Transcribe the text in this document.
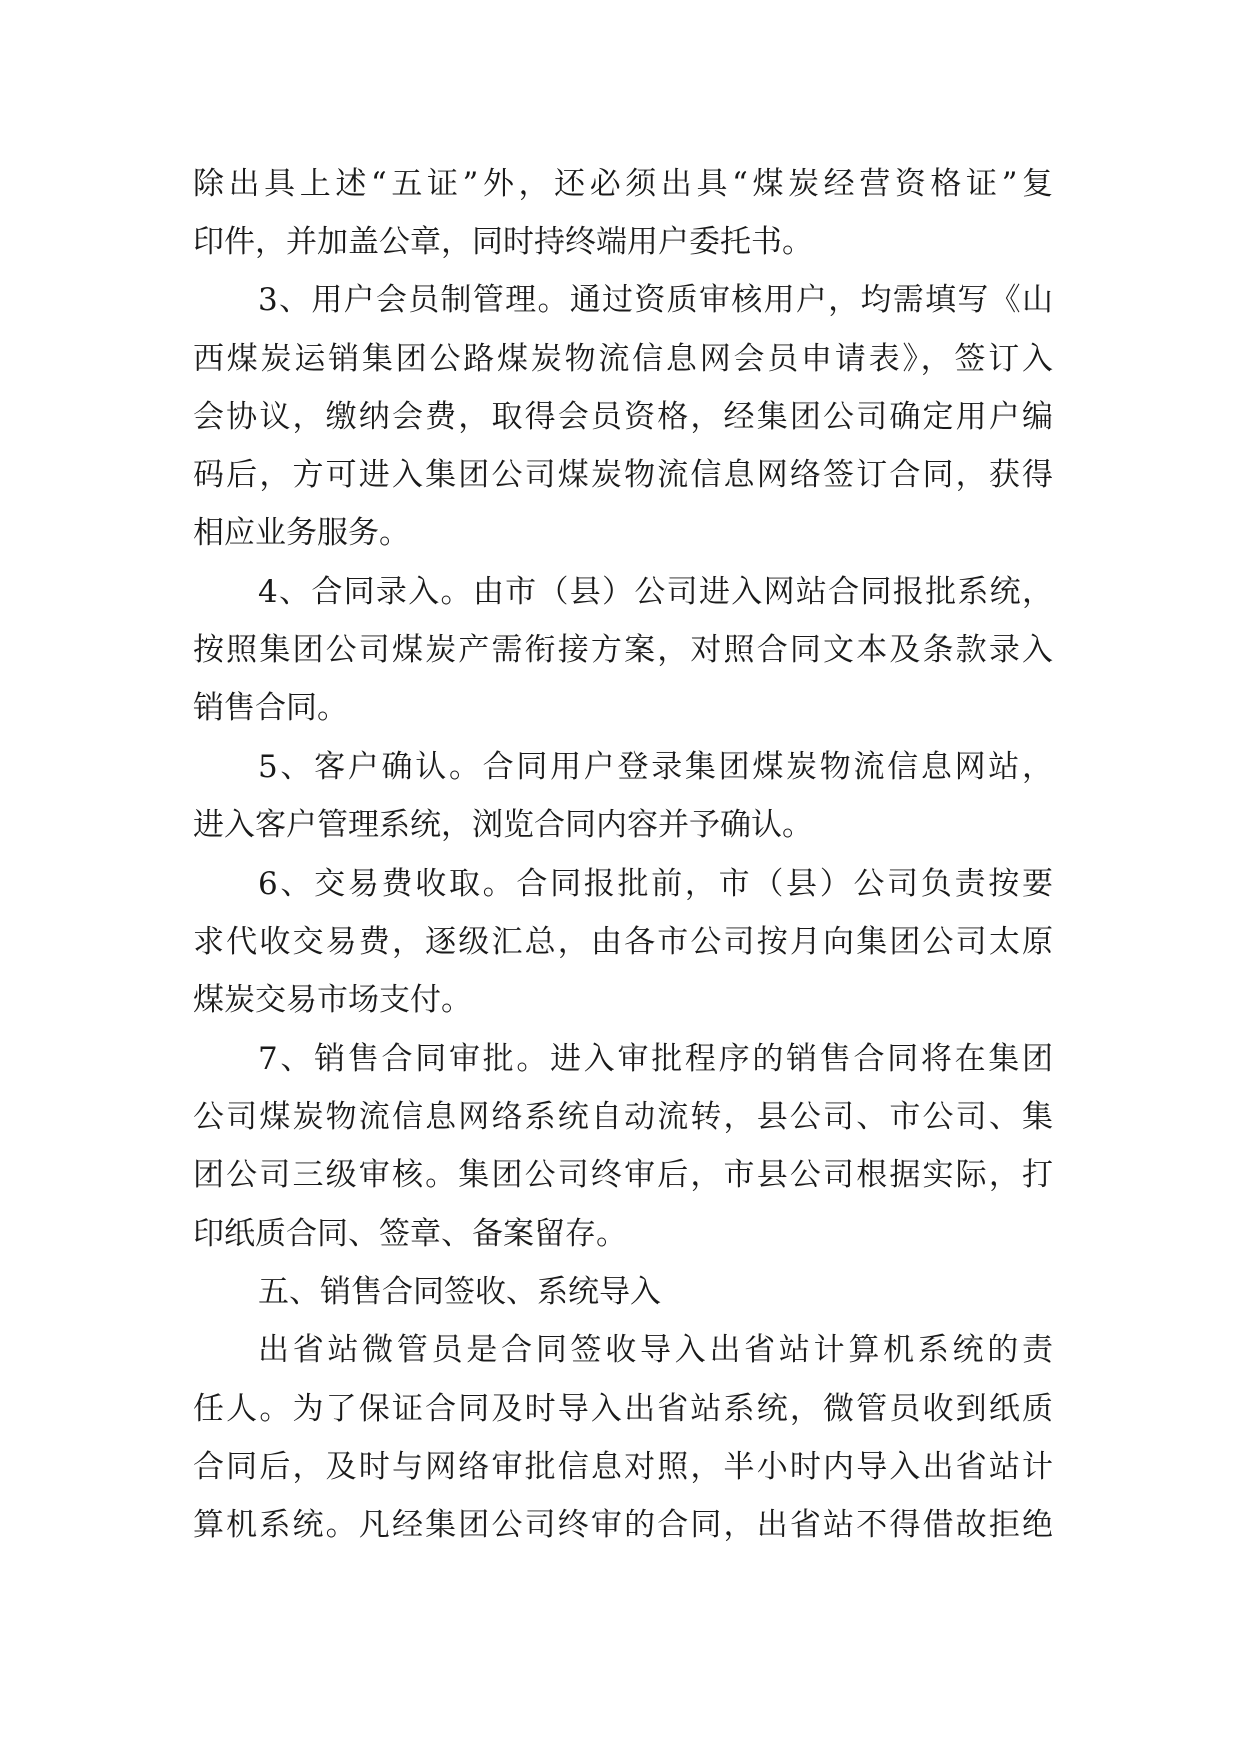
除出具上述“五证”外，还必须出具“煤炭经营资格证”复

印件，并加盖公章，同时持终端用户委托书。

3、用户会员制管理。通过资质审核用户，均需填写《山

西煤炭运销集团公路煤炭物流信息网会员申请表》，签订入

会协议，缴纳会费，取得会员资格，经集团公司确定用户编

码后，方可进入集团公司煤炭物流信息网络签订合同，获得

相应业务服务。

4、合同录入。由市（县）公司进入网站合同报批系统，

按照集团公司煤炭产需衔接方案，对照合同文本及条款录入

销售合同。

5、客户确认。合同用户登录集团煤炭物流信息网站，

进入客户管理系统，浏览合同内容并予确认。

6、交易费收取。合同报批前，市（县）公司负责按要

求代收交易费，逐级汇总，由各市公司按月向集团公司太原

煤炭交易市场支付。

7、销售合同审批。进入审批程序的销售合同将在集团

公司煤炭物流信息网络系统自动流转，县公司、市公司、集

团公司三级审核。集团公司终审后，市县公司根据实际，打

印纸质合同、签章、备案留存。

五、销售合同签收、系统导入

出省站微管员是合同签收导入出省站计算机系统的责

任人。为了保证合同及时导入出省站系统，微管员收到纸质

合同后，及时与网络审批信息对照，半小时内导入出省站计

算机系统。凡经集团公司终审的合同，出省站不得借故拒绝
